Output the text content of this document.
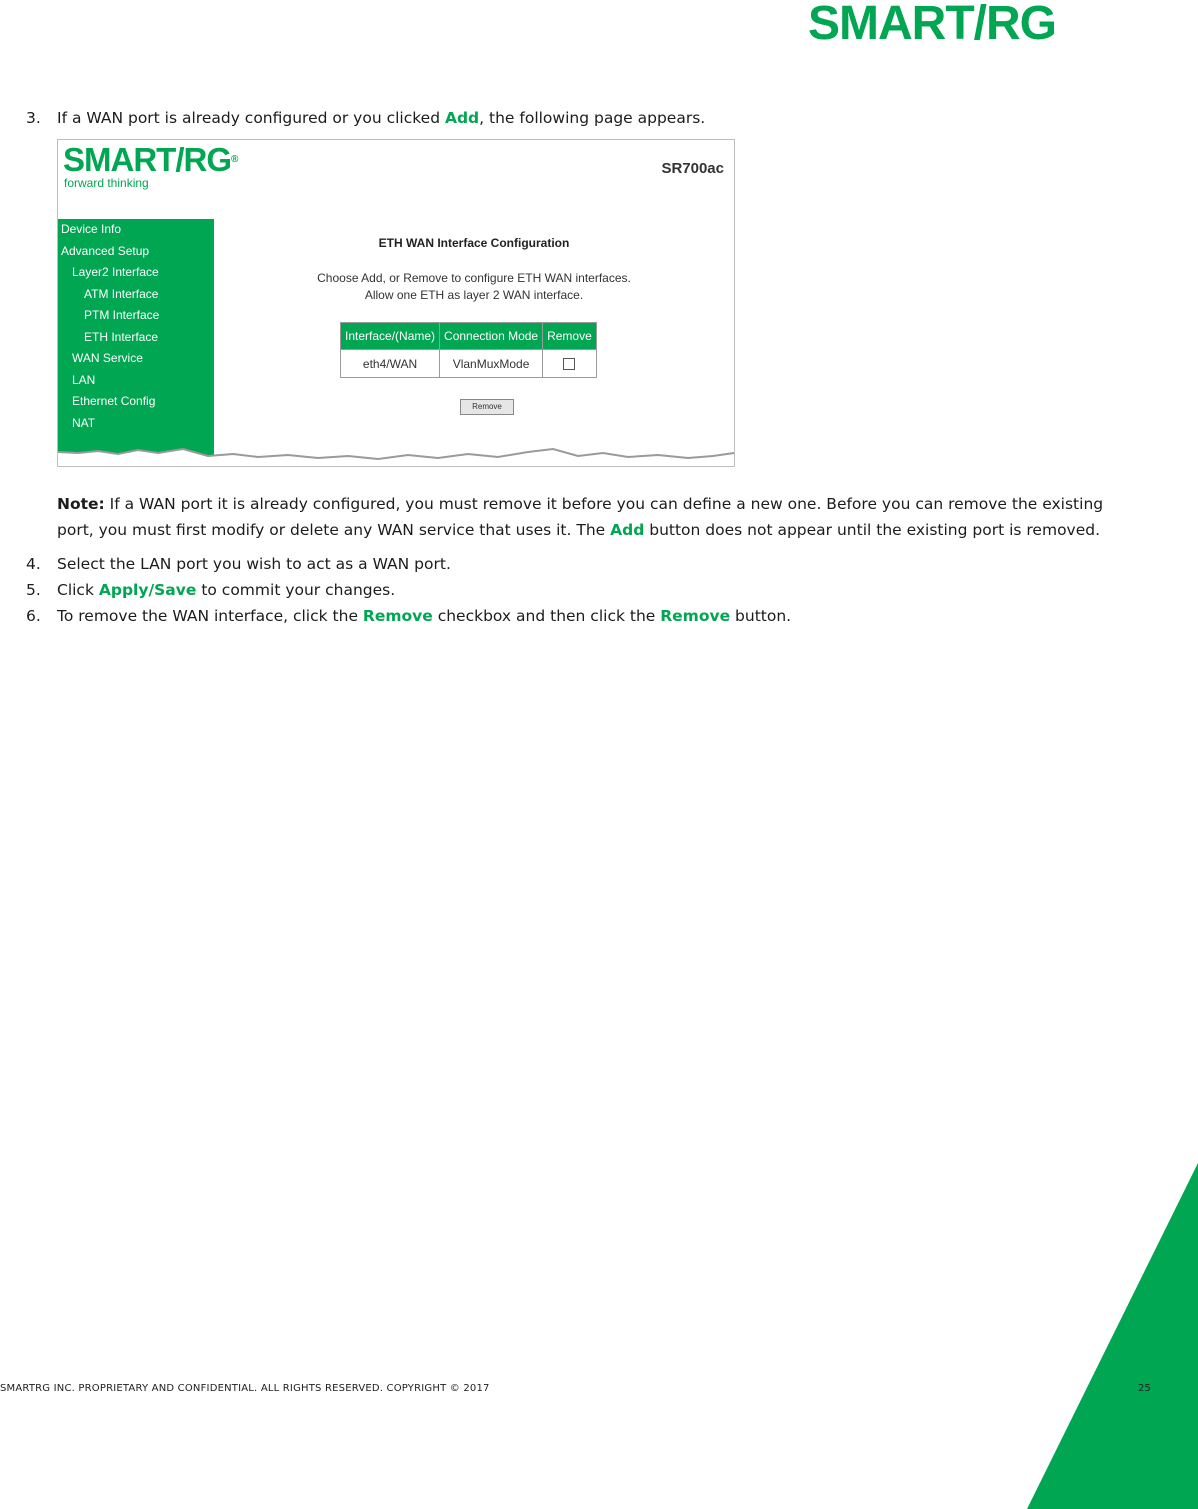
SMART/RG
3.	If a WAN port is already configured or you clicked Add, the following page appears.
Note: If a WAN port it is already configured, you must remove it before you can define a new one. Before you can remove the existing port, you must first modify or delete any WAN service that uses it. The Add button does not appear until the existing port is removed.
4.	Select the LAN port you wish to act as a WAN port.
5.	Click Apply/Save to commit your changes.
6.	To remove the WAN interface, click the Remove checkbox and then click the Remove button.
SMART/RG®
forward thinking
SR700ac
Device Info
Advanced Setup
Layer2 Interface
ATM Interface
PTM Interface
ETH Interface
WAN Service
LAN
Ethernet Config
NAT
ETH WAN Interface Configuration
Choose Add, or Remove to configure ETH WAN interfaces.
Allow one ETH as layer 2 WAN interface.
Interface/(Name)	Connection Mode	Remove
eth4/WAN	VlanMuxMode	
Remove
SMARTRG INC. PROPRIETARY AND CONFIDENTIAL. ALL RIGHTS RESERVED. COPYRIGHT © 2017	25
